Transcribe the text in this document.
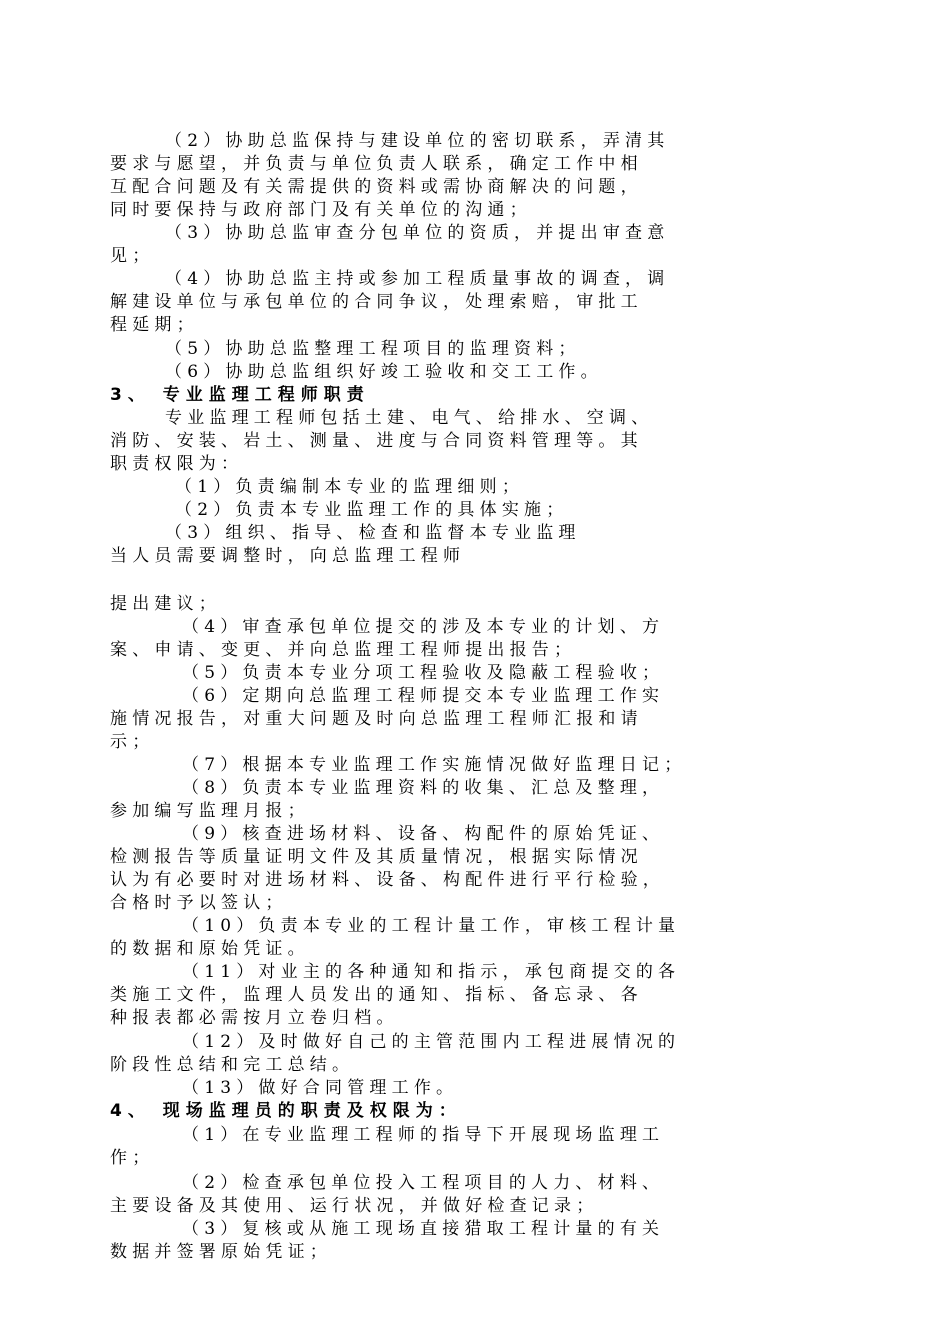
（2）协助总监保持与建设单位的密切联系，弄清其
要求与愿望，并负责与单位负责人联系，确定工作中相
互配合问题及有关需提供的资料或需协商解决的问题，
同时要保持与政府部门及有关单位的沟通；
（3）协助总监审查分包单位的资质，并提出审查意
见；
（4）协助总监主持或参加工程质量事故的调查，调
解建设单位与承包单位的合同争议，处理索赔，审批工
程延期；
（5）协助总监整理工程项目的监理资料；
（6）协助总监组织好竣工验收和交工工作。
3、 专业监理工程师职责
专业监理工程师包括土建、电气、给排水、空调、
消防、安装、岩土、测量、进度与合同资料管理等。其
职责权限为：
（1）负责编制本专业的监理细则；
（2）负责本专业监理工作的具体实施；
（3）组织、指导、检查和监督本专业监理
当人员需要调整时，向总监理工程师
提出建议；
（4）审查承包单位提交的涉及本专业的计划、方
案、申请、变更、并向总监理工程师提出报告；
（5）负责本专业分项工程验收及隐蔽工程验收；
（6）定期向总监理工程师提交本专业监理工作实
施情况报告，对重大问题及时向总监理工程师汇报和请
示；
（7）根据本专业监理工作实施情况做好监理日记；
（8）负责本专业监理资料的收集、汇总及整理，
参加编写监理月报；
（9）核查进场材料、设备、构配件的原始凭证、
检测报告等质量证明文件及其质量情况，根据实际情况
认为有必要时对进场材料、设备、构配件进行平行检验，
合格时予以签认；
（10）负责本专业的工程计量工作，审核工程计量
的数据和原始凭证。
（11）对业主的各种通知和指示，承包商提交的各
类施工文件，监理人员发出的通知、指标、备忘录、各
种报表都必需按月立卷归档。
（12）及时做好自己的主管范围内工程进展情况的
阶段性总结和完工总结。
（13）做好合同管理工作。
4、 现场监理员的职责及权限为：
（1）在专业监理工程师的指导下开展现场监理工
作；
（2）检查承包单位投入工程项目的人力、材料、
主要设备及其使用、运行状况，并做好检查记录；
（3）复核或从施工现场直接猎取工程计量的有关
数据并签署原始凭证；
